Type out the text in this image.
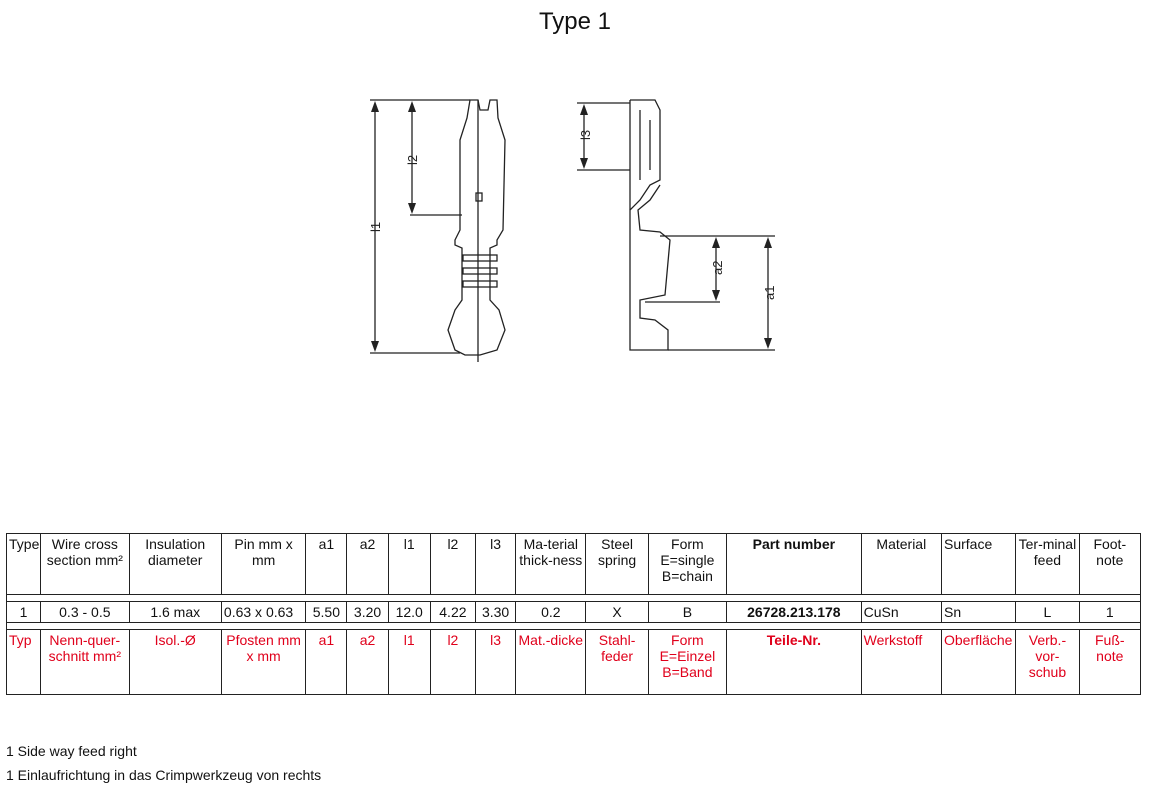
Type 1
l1
l2
l3
a1
a2
Type	Wire cross section mm²	Insulation diameter	Pin mm x mm	a1	a2	l1	l2	l3	Ma-terial thick-ness	Steel spring	Form E=single B=chain	Part number	Material	Surface	Ter-minal feed	Foot-note

1	0.3 - 0.5	1.6 max	0.63 x 0.63	5.50	3.20	12.0	4.22	3.30	0.2	X	B	26728.213.178	CuSn	Sn	L	1

Typ	Nenn-quer-schnitt mm²	Isol.-Ø	Pfosten mm x mm	a1	a2	l1	l2	l3	Mat.-dicke	Stahl-feder	Form E=Einzel B=Band	Teile-Nr.	Werkstoff	Oberfläche	Verb.-vor-schub	Fuß-note
1 Side way feed right
1 Einlaufrichtung in das Crimpwerkzeug von rechts
